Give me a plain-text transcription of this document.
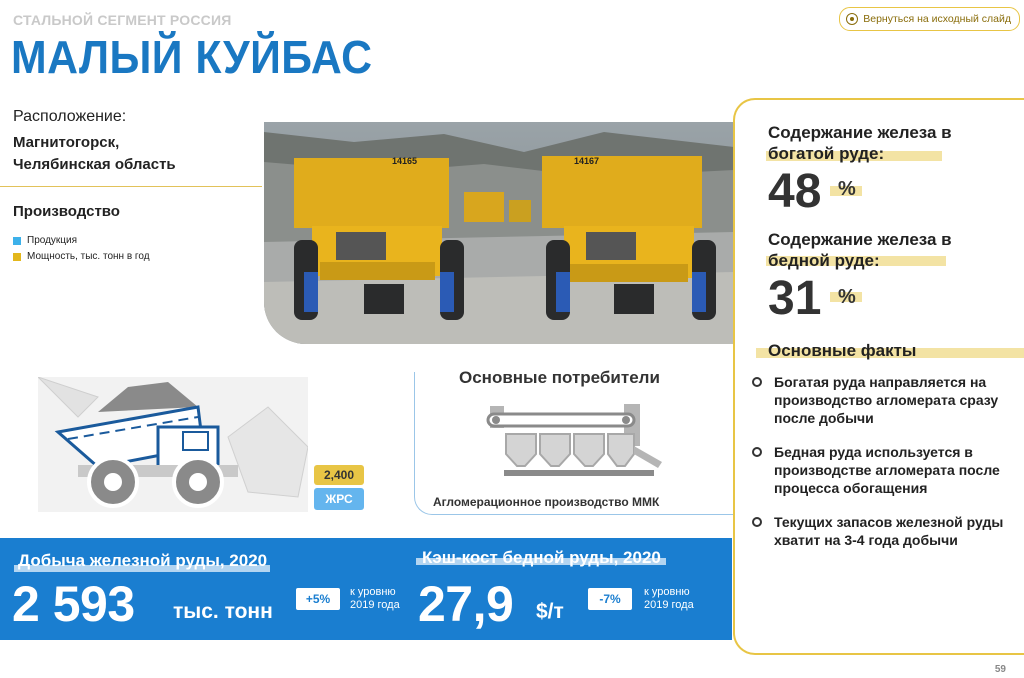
СТАЛЬНОЙ СЕГМЕНТ РОССИЯ
МАЛЫЙ КУЙБАС
Вернуться на исходный слайд
Расположение:
Магнитогорск,
Челябинская область
Производство
Продукция
Мощность, тыс. тонн в год
14165	14167
2,400
ЖРС
Основные потребители
Агломерационное производство ММК
Добыча железной руды, 2020
2 593 тыс. тонн
+5%	к уровню
2019 года
Кэш-кост бедной руды, 2020
27,9 $/т
-7%	к уровню
2019 года
Содержание железа в
богатой руде:
48 %
Содержание железа в
бедной руде:
31 %
Основные факты
Богатая руда направляется на производство агломерата сразу после добычи
Бедная руда используется в производстве агломерата после процесса обогащения
Текущих запасов железной руды хватит на 3-4 года добычи
59
